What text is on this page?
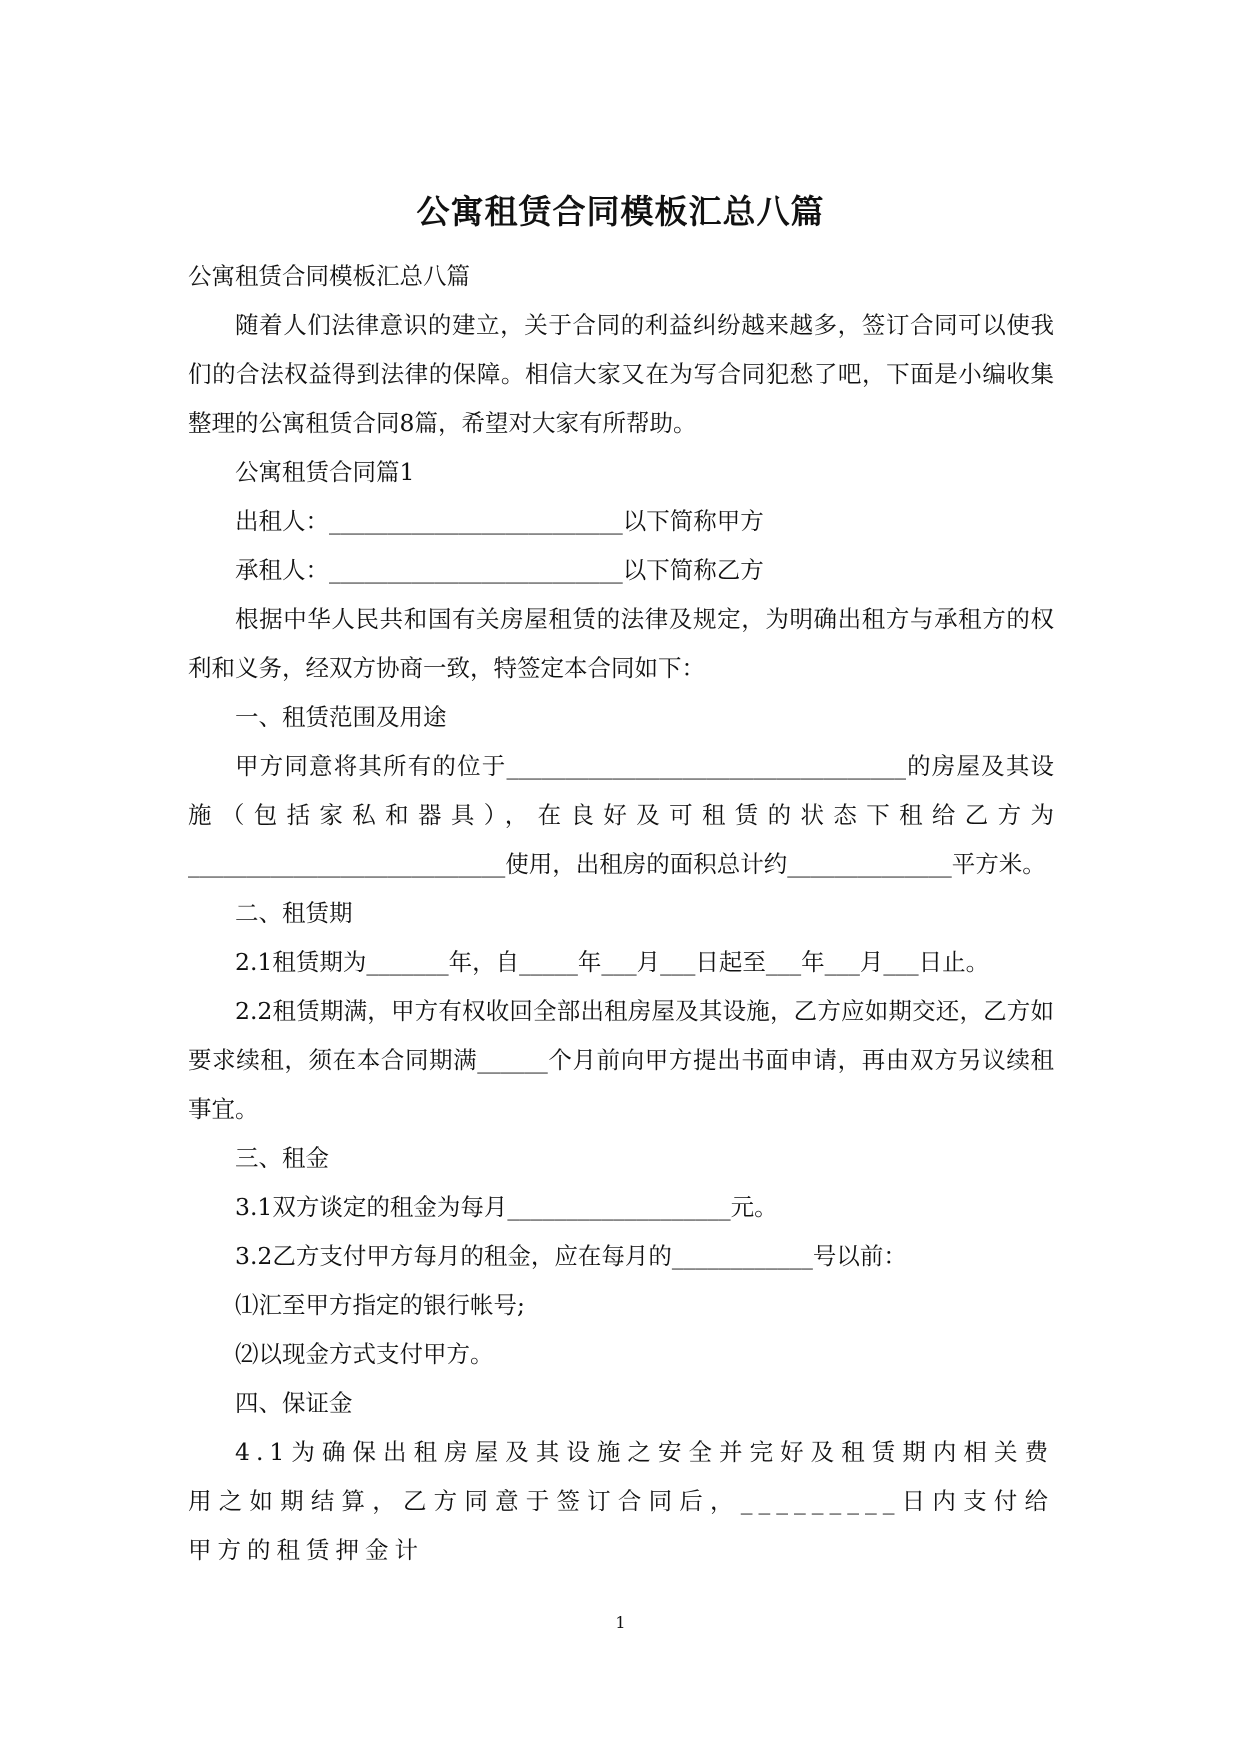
公寓租赁合同模板汇总八篇

公寓租赁合同模板汇总八篇

随着人们法律意识的建立，关于合同的利益纠纷越来越多，签订合同可以使我们的合法权益得到法律的保障。相信大家又在为写合同犯愁了吧，下面是小编收集整理的公寓租赁合同8篇，希望对大家有所帮助。

公寓租赁合同篇1

出租人：_________________________以下简称甲方

承租人：_________________________以下简称乙方

根据中华人民共和国有关房屋租赁的法律及规定，为明确出租方与承租方的权利和义务，经双方协商一致，特签定本合同如下：

一、租赁范围及用途

甲方同意将其所有的位于__________________________________的房屋及其设施（包括家私和器具），在良好及可租赁的状态下租给乙方为___________________________使用，出租房的面积总计约______________平方米。

二、租赁期

2.1租赁期为_______年，自_____年___月___日起至___年___月___日止。

2.2租赁期满，甲方有权收回全部出租房屋及其设施，乙方应如期交还，乙方如要求续租，须在本合同期满______个月前向甲方提出书面申请，再由双方另议续租事宜。

三、租金

3.1双方谈定的租金为每月___________________元。

3.2乙方支付甲方每月的租金，应在每月的____________号以前：

⑴汇至甲方指定的银行帐号;

⑵以现金方式支付甲方。

四、保证金

4.1为确保出租房屋及其设施之安全并完好及租赁期内相关费用之如期结算，乙方同意于签订合同后，_________日内支付给甲方的租赁押金计

1
